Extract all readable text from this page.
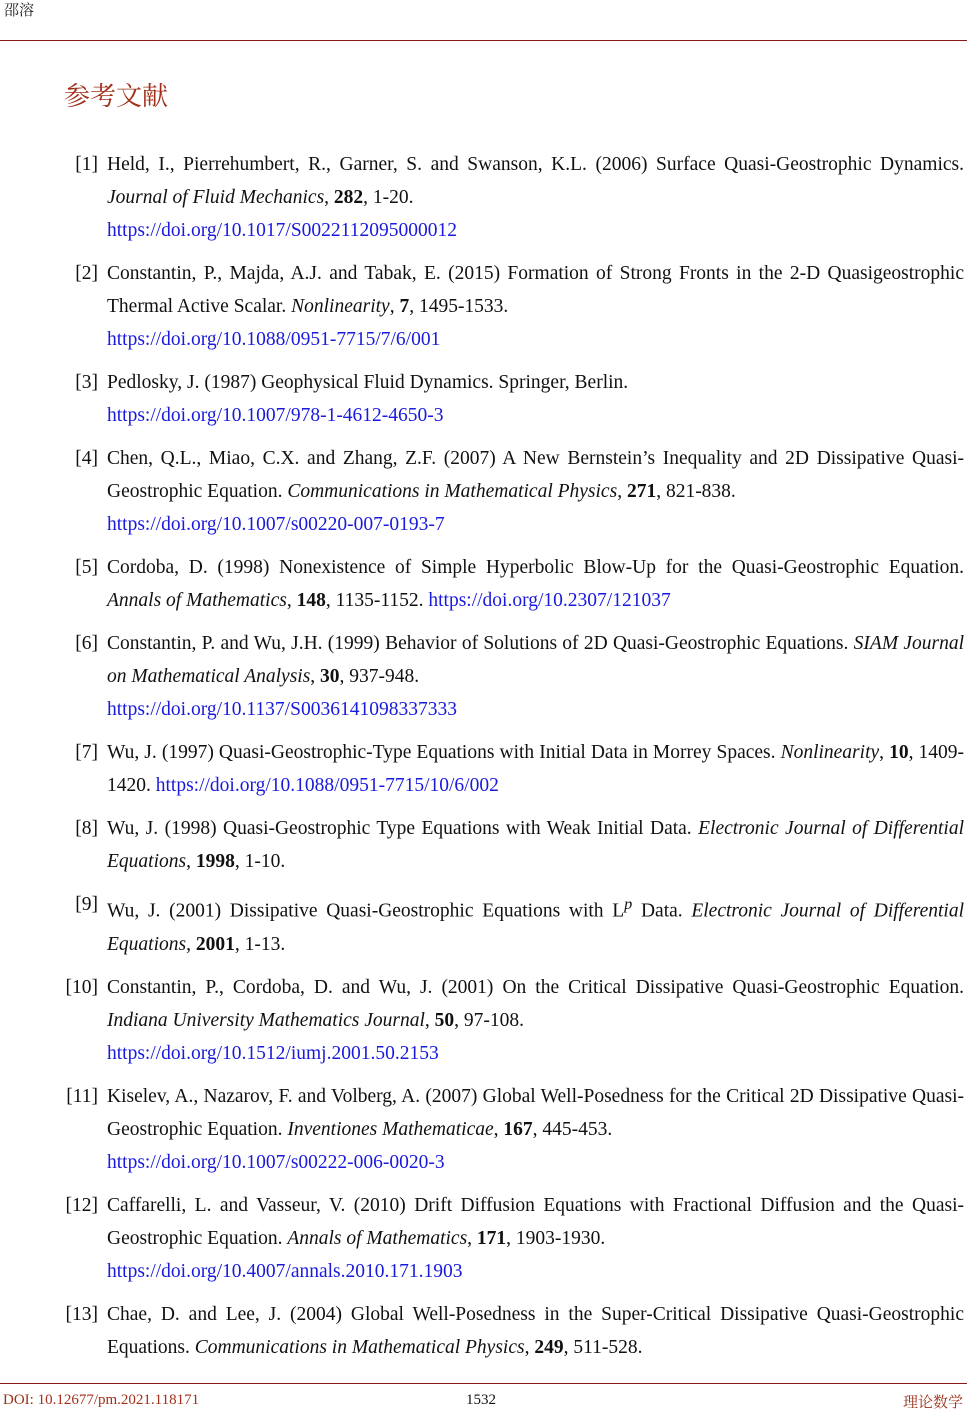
邵溶
参考文献
[1] Held, I., Pierrehumbert, R., Garner, S. and Swanson, K.L. (2006) Surface Quasi-Geostrophic Dynamics. Journal of Fluid Mechanics, 282, 1-20.
https://doi.org/10.1017/S0022112095000012
[2] Constantin, P., Majda, A.J. and Tabak, E. (2015) Formation of Strong Fronts in the 2-D Quasigeostrophic Thermal Active Scalar. Nonlinearity, 7, 1495-1533.
https://doi.org/10.1088/0951-7715/7/6/001
[3] Pedlosky, J. (1987) Geophysical Fluid Dynamics. Springer, Berlin.
https://doi.org/10.1007/978-1-4612-4650-3
[4] Chen, Q.L., Miao, C.X. and Zhang, Z.F. (2007) A New Bernstein’s Inequality and 2D Dissipative Quasi-Geostrophic Equation. Communications in Mathematical Physics, 271, 821-838.
https://doi.org/10.1007/s00220-007-0193-7
[5] Cordoba, D. (1998) Nonexistence of Simple Hyperbolic Blow-Up for the Quasi-Geostrophic Equation. Annals of Mathematics, 148, 1135-1152. https://doi.org/10.2307/121037
[6] Constantin, P. and Wu, J.H. (1999) Behavior of Solutions of 2D Quasi-Geostrophic Equations. SIAM Journal on Mathematical Analysis, 30, 937-948.
https://doi.org/10.1137/S0036141098337333
[7] Wu, J. (1997) Quasi-Geostrophic-Type Equations with Initial Data in Morrey Spaces. Nonlinearity, 10, 1409-1420. https://doi.org/10.1088/0951-7715/10/6/002
[8] Wu, J. (1998) Quasi-Geostrophic Type Equations with Weak Initial Data. Electronic Journal of Differential Equations, 1998, 1-10.
[9] Wu, J. (2001) Dissipative Quasi-Geostrophic Equations with $L^p$ Data. Electronic Journal of Differential Equations, 2001, 1-13.
[10] Constantin, P., Cordoba, D. and Wu, J. (2001) On the Critical Dissipative Quasi-Geostrophic Equation. Indiana University Mathematics Journal, 50, 97-108.
https://doi.org/10.1512/iumj.2001.50.2153
[11] Kiselev, A., Nazarov, F. and Volberg, A. (2007) Global Well-Posedness for the Critical 2D Dissipative Quasi-Geostrophic Equation. Inventiones Mathematicae, 167, 445-453.
https://doi.org/10.1007/s00222-006-0020-3
[12] Caffarelli, L. and Vasseur, V. (2010) Drift Diffusion Equations with Fractional Diffusion and the Quasi-Geostrophic Equation. Annals of Mathematics, 171, 1903-1930.
https://doi.org/10.4007/annals.2010.171.1903
[13] Chae, D. and Lee, J. (2004) Global Well-Posedness in the Super-Critical Dissipative Quasi-Geostrophic Equations. Communications in Mathematical Physics, 249, 511-528.
DOI: 10.12677/pm.2021.118171	1532	理论数学
